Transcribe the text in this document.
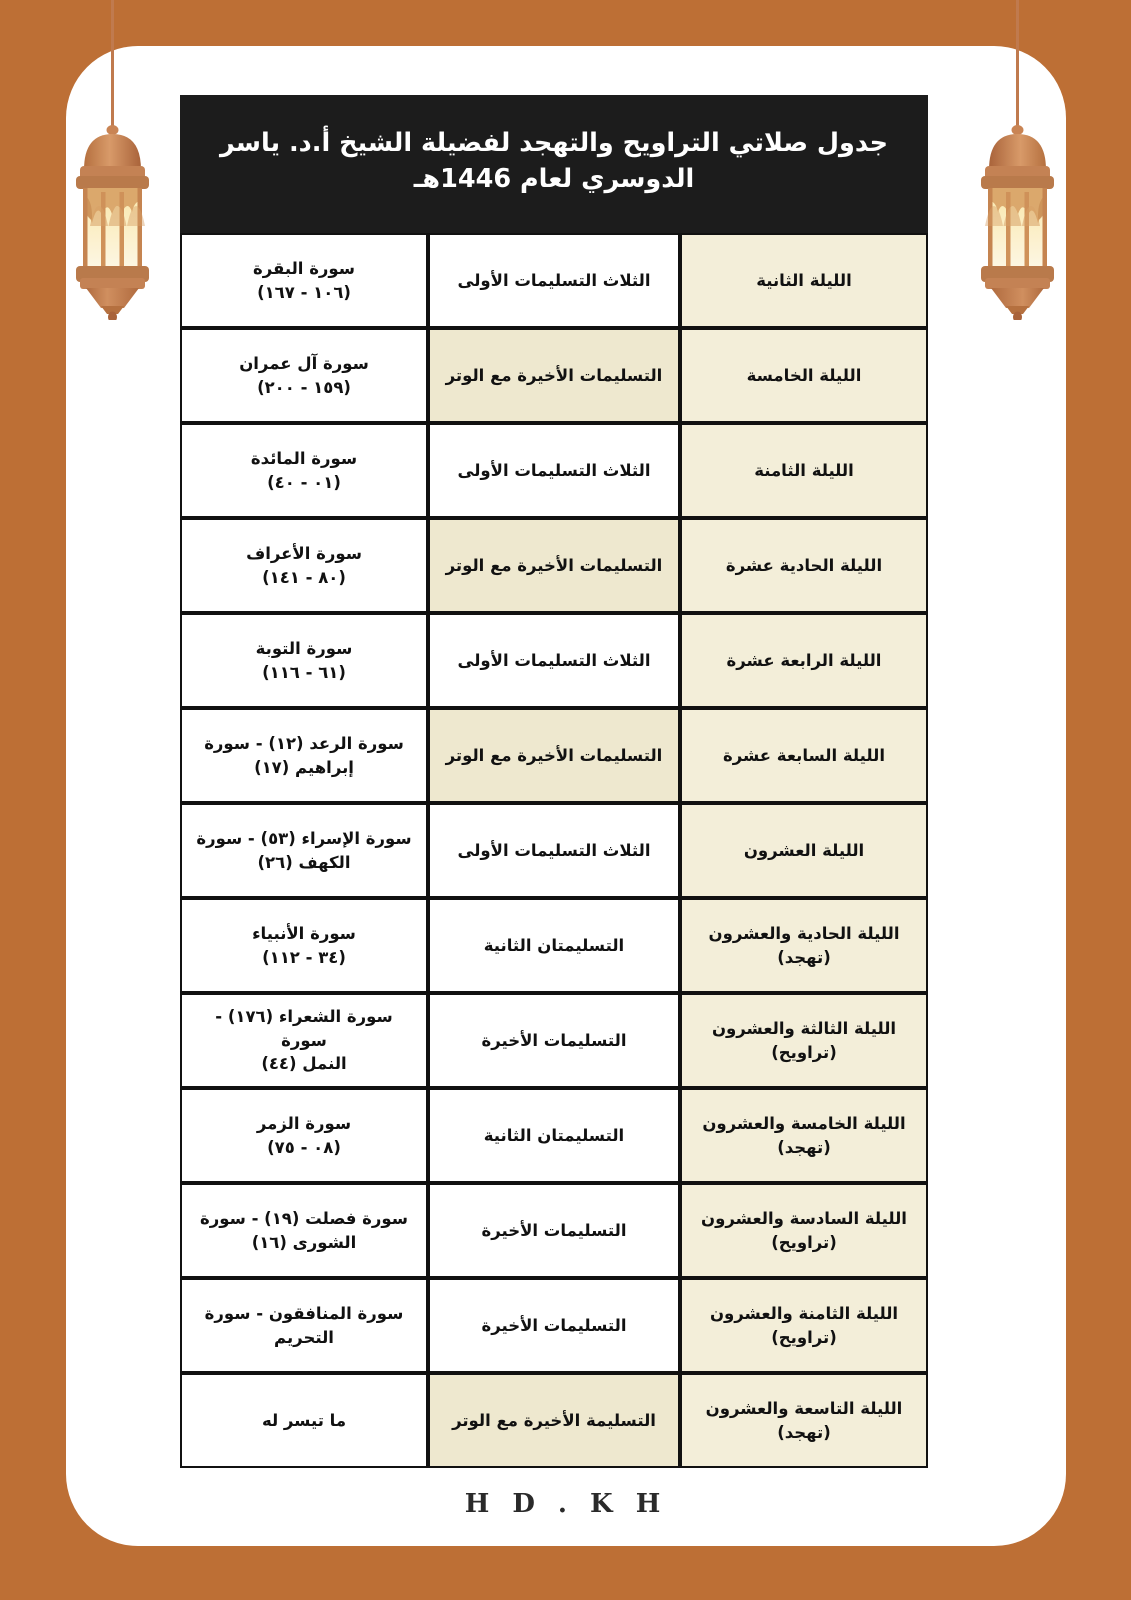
جدول صلاتي التراويح والتهجد لفضيلة الشيخ أ.د. ياسر
الدوسري لعام 1446هـ
الليلة الثانية	الثلاث التسليمات الأولى	سورة البقرة
(١٠٦ - ١٦٧)

الليلة الخامسة	التسليمات الأخيرة مع الوتر	سورة آل عمران
(١٥٩ - ٢٠٠)

الليلة الثامنة	الثلاث التسليمات الأولى	سورة المائدة
(٠١ - ٤٠)

الليلة الحادية عشرة	التسليمات الأخيرة مع الوتر	سورة الأعراف
(٨٠ - ١٤١)

الليلة الرابعة عشرة	الثلاث التسليمات الأولى	سورة التوبة
(٦١ - ١١٦)

الليلة السابعة عشرة	التسليمات الأخيرة مع الوتر	سورة الرعد (١٢) - سورة
إبراهيم (١٧)

الليلة العشرون	الثلاث التسليمات الأولى	سورة الإسراء (٥٣) - سورة
الكهف (٢٦)

الليلة الحادية والعشرون
(تهجد)	التسليمتان الثانية	سورة الأنبياء
(٣٤ - ١١٢)

الليلة الثالثة والعشرون
(تراويح)	التسليمات الأخيرة	سورة الشعراء (١٧٦) - سورة
النمل (٤٤)

الليلة الخامسة والعشرون
(تهجد)	التسليمتان الثانية	سورة الزمر
(٠٨ - ٧٥)

الليلة السادسة والعشرون
(تراويح)	التسليمات الأخيرة	سورة فصلت (١٩) - سورة
الشورى (١٦)

الليلة الثامنة والعشرون
(تراويح)	التسليمات الأخيرة	سورة المنافقون - سورة
التحريم

الليلة التاسعة والعشرون
(تهجد)	التسليمة الأخيرة مع الوتر	ما تيسر له
H D . K H
